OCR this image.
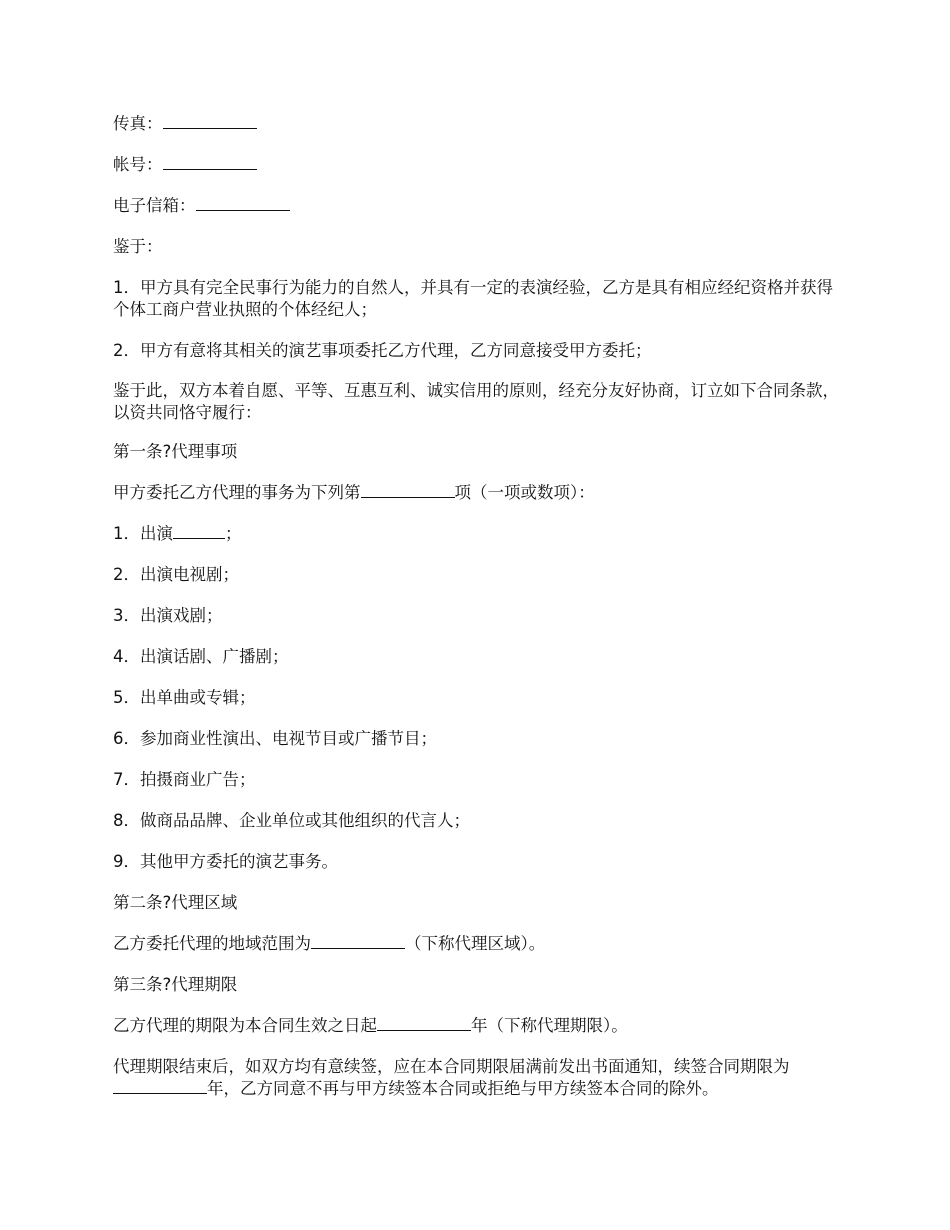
传真：

帐号：

电子信箱：

鉴于：

1．甲方具有完全民事行为能力的自然人，并具有一定的表演经验，乙方是具有相应经纪资格并获得个体工商户营业执照的个体经纪人；

2．甲方有意将其相关的演艺事项委托乙方代理，乙方同意接受甲方委托；

鉴于此，双方本着自愿、平等、互惠互利、诚实信用的原则，经充分友好协商，订立如下合同条款，以资共同恪守履行：

第一条?代理事项

甲方委托乙方代理的事务为下列第	项（一项或数项）：

1．出演	；

2．出演电视剧；

3．出演戏剧；

4．出演话剧、广播剧；

5．出单曲或专辑；

6．参加商业性演出、电视节目或广播节目；

7．拍摄商业广告；

8．做商品品牌、企业单位或其他组织的代言人；

9．其他甲方委托的演艺事务。

第二条?代理区域

乙方委托代理的地域范围为	（下称代理区域）。

第三条?代理期限

乙方代理的期限为本合同生效之日起	年（下称代理期限）。

代理期限结束后，如双方均有意续签，应在本合同期限届满前发出书面通知，续签合同期限为年，乙方同意不再与甲方续签本合同或拒绝与甲方续签本合同的除外。
